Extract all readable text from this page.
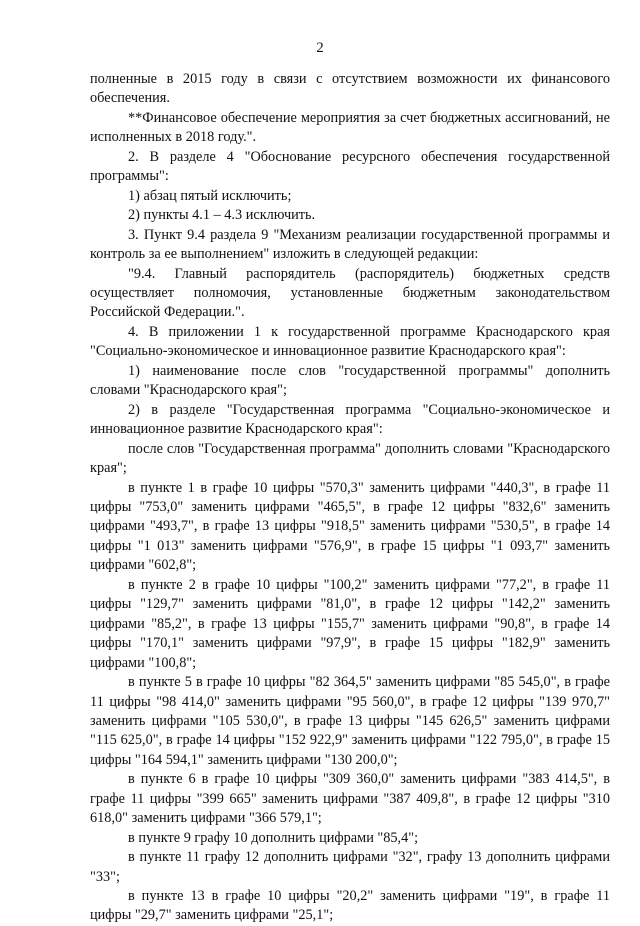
2

полненные в 2015 году в связи с отсутствием возможности их финансового обеспечения.

**Финансовое обеспечение мероприятия за счет бюджетных ассигнований, не исполненных в 2018 году.".

2. В разделе 4 "Обоснование ресурсного обеспечения государственной программы":

1) абзац пятый исключить;

2) пункты 4.1 – 4.3 исключить.

3. Пункт 9.4 раздела 9 "Механизм реализации государственной программы и контроль за ее выполнением" изложить в следующей редакции:

"9.4. Главный распорядитель (распорядитель) бюджетных средств осуществляет полномочия, установленные бюджетным законодательством Российской Федерации.".

4. В приложении 1 к государственной программе Краснодарского края "Социально-экономическое и инновационное развитие Краснодарского края":

1) наименование после слов "государственной программы" дополнить словами "Краснодарского края";

2) в разделе "Государственная программа "Социально-экономическое и инновационное развитие Краснодарского края":

после слов "Государственная программа" дополнить словами "Краснодарского края";

в пункте 1 в графе 10 цифры "570,3" заменить цифрами "440,3", в графе 11 цифры "753,0" заменить цифрами "465,5", в графе 12 цифры "832,6" заменить цифрами "493,7", в графе 13 цифры "918,5" заменить цифрами "530,5", в графе 14 цифры "1 013" заменить цифрами "576,9", в графе 15 цифры "1 093,7" заменить цифрами "602,8";

в пункте 2 в графе 10 цифры "100,2" заменить цифрами "77,2", в графе 11 цифры "129,7" заменить цифрами "81,0", в графе 12 цифры "142,2" заменить цифрами "85,2", в графе 13 цифры "155,7" заменить цифрами "90,8", в графе 14 цифры "170,1" заменить цифрами "97,9", в графе 15 цифры "182,9" заменить цифрами "100,8";

в пункте 5 в графе 10 цифры "82 364,5" заменить цифрами "85 545,0", в графе 11 цифры "98 414,0" заменить цифрами "95 560,0", в графе 12 цифры "139 970,7" заменить цифрами "105 530,0", в графе 13 цифры "145 626,5" заменить цифрами "115 625,0", в графе 14 цифры "152 922,9" заменить цифрами "122 795,0", в графе 15 цифры "164 594,1" заменить цифрами "130 200,0";

в пункте 6 в графе 10 цифры "309 360,0" заменить цифрами "383 414,5", в графе 11 цифры "399 665" заменить цифрами "387 409,8", в графе 12 цифры "310 618,0" заменить цифрами "366 579,1";

в пункте 9 графу 10 дополнить цифрами "85,4";

в пункте 11 графу 12 дополнить цифрами "32", графу 13 дополнить цифрами "33";

в пункте 13 в графе 10 цифры "20,2" заменить цифрами "19", в графе 11 цифры "29,7" заменить цифрами "25,1";
